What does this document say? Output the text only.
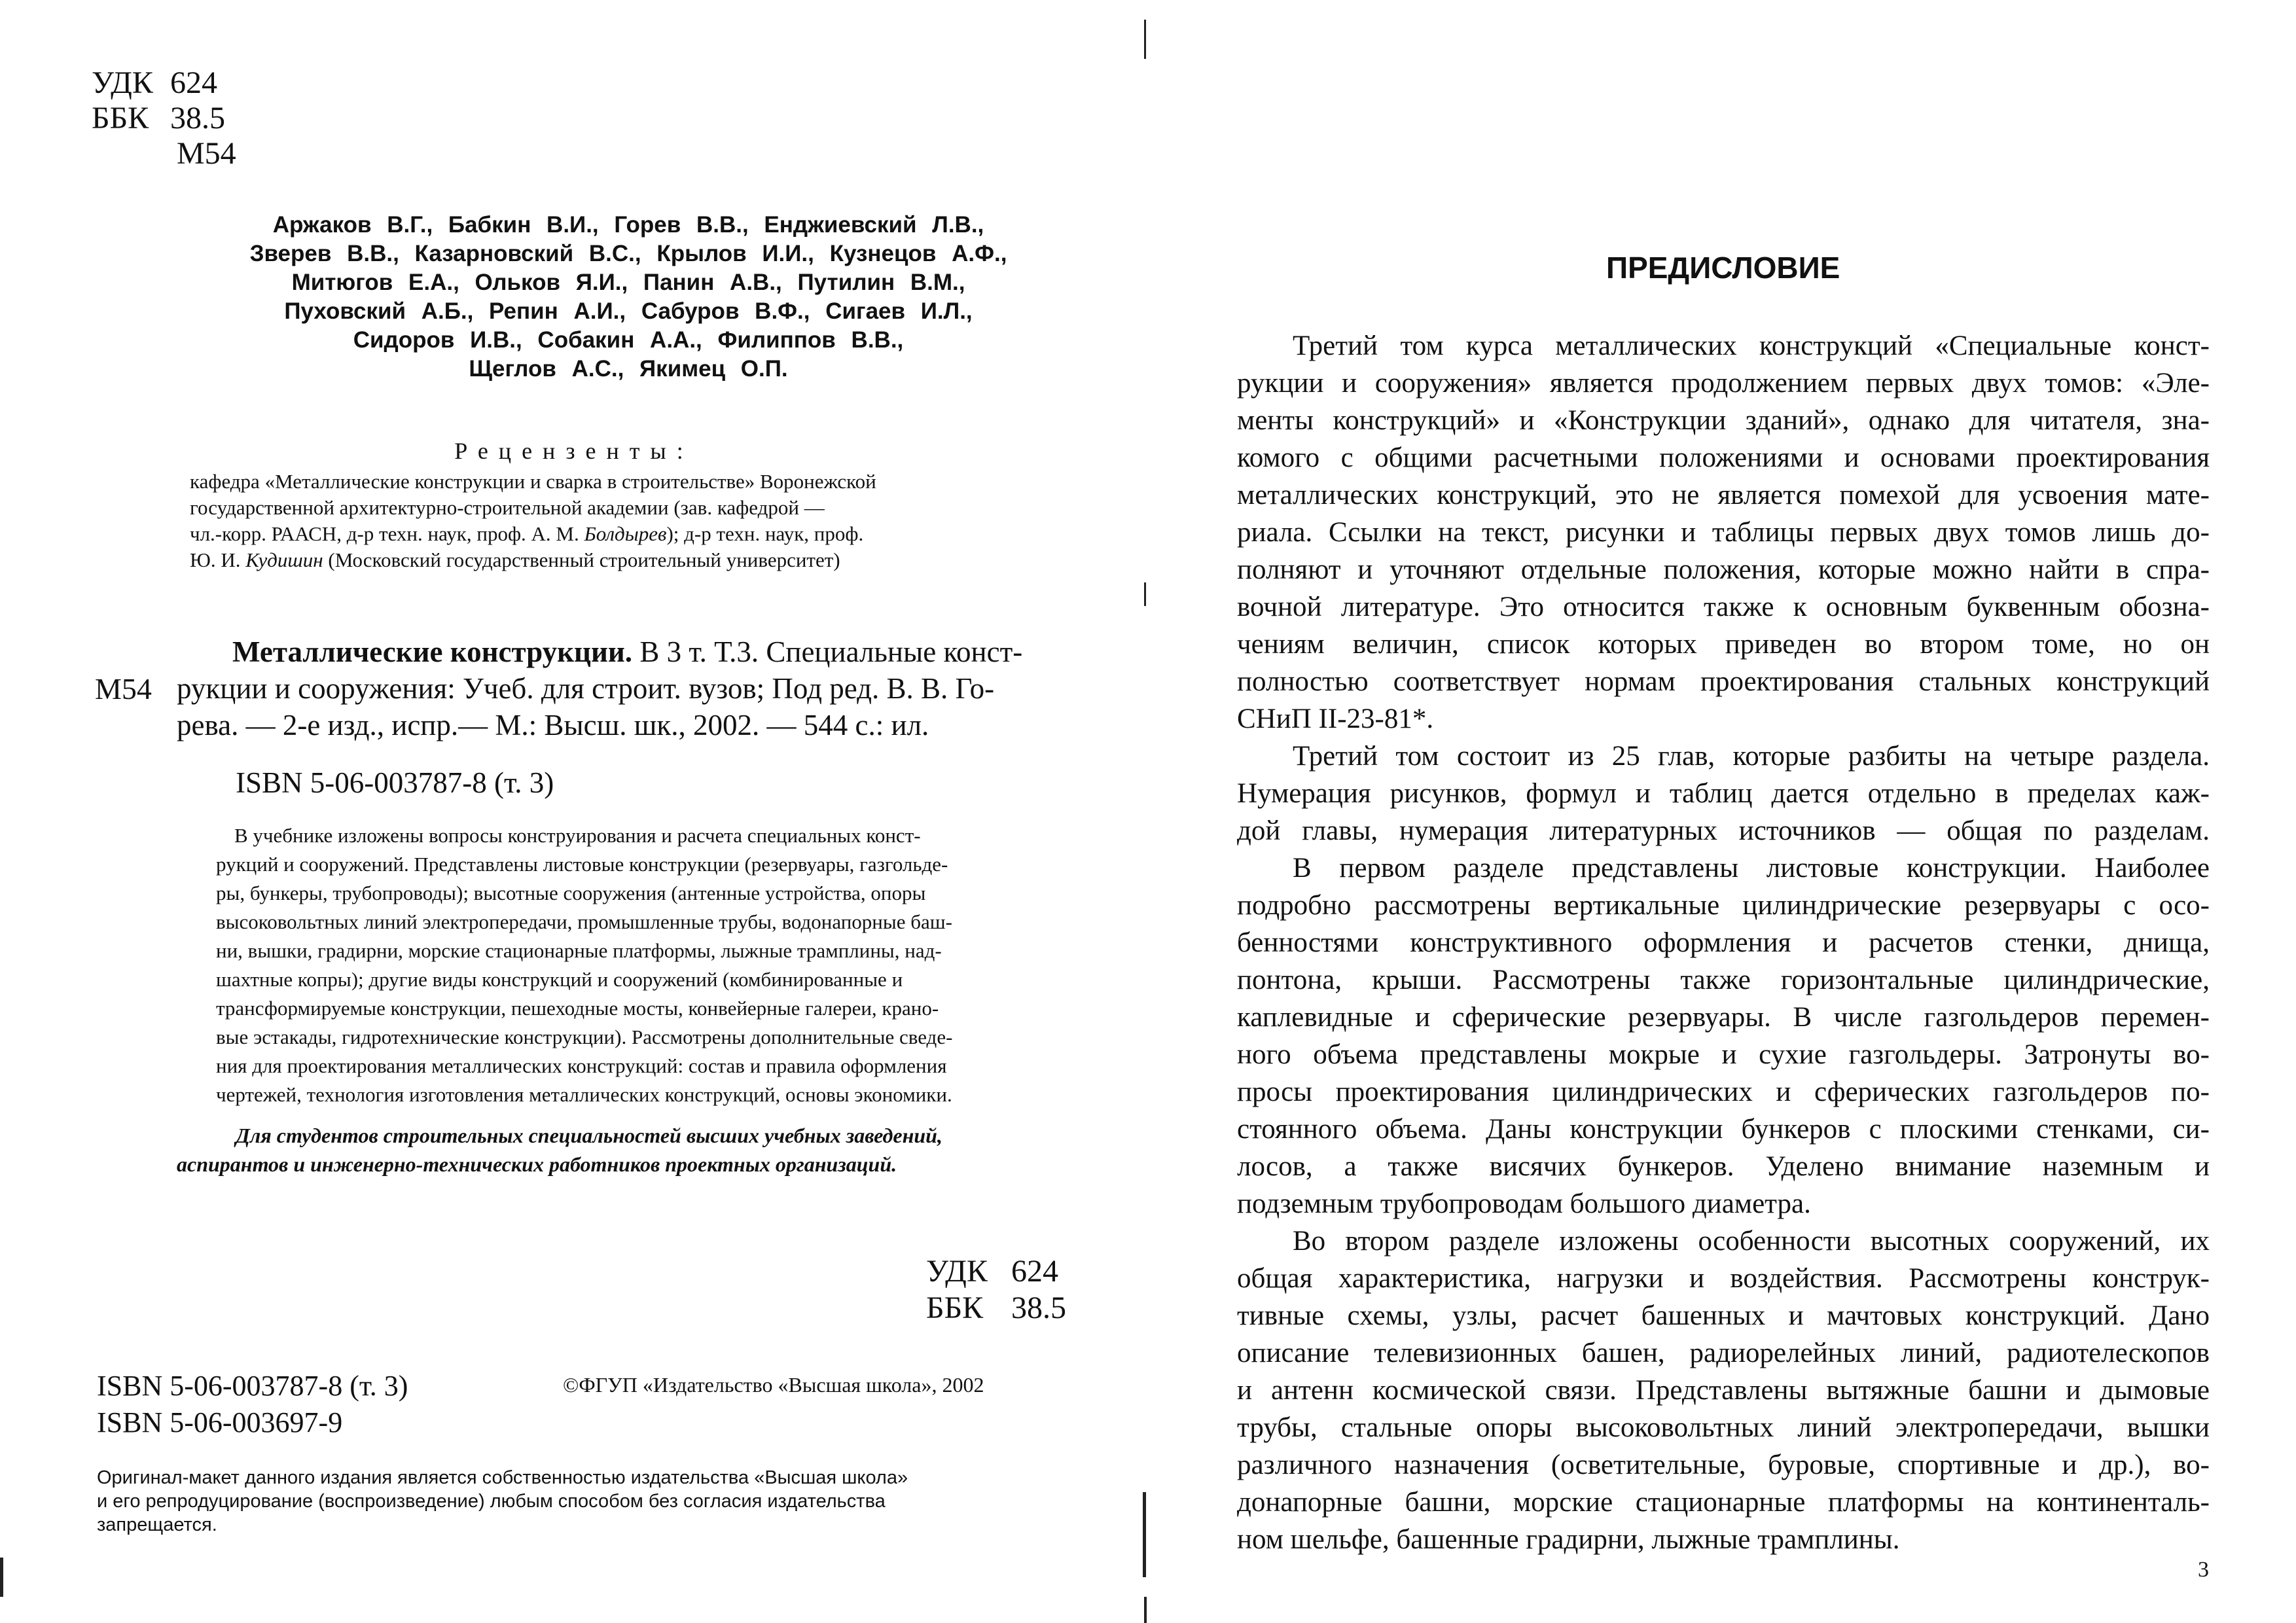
УДК 624
ББК 38.5
М54
Аржаков В.Г., Бабкин В.И., Горев В.В., Енджиевский Л.В.,
Зверев В.В., Казарновский В.С., Крылов И.И., Кузнецов А.Ф.,
Митюгов Е.А., Ольков Я.И., Панин А.В., Путилин В.М.,
Пуховский А.Б., Репин А.И., Сабуров В.Ф., Сигаев И.Л.,
Сидоров И.В., Собакин А.А., Филиппов В.В.,
Щеглов А.С., Якимец О.П.
Рецензенты:
кафедра «Металлические конструкции и сварка в строительстве» Воронежской
государственной архитектурно-строительной академии (зав. кафедрой —
чл.-корр. РААСН, д-р техн. наук, проф. А. М. Болдырев); д-р техн. наук, проф.
Ю. И. Кудишин (Московский государственный строительный университет)
М54
Металлические конструкции. В 3 т. Т.3. Специальные конст-
рукции и сооружения: Учеб. для строит. вузов; Под ред. В. В. Го-
рева. — 2-е изд., испр.— М.: Высш. шк., 2002. — 544 с.: ил.
ISBN 5-06-003787-8 (т. 3)
В учебнике изложены вопросы конструирования и расчета специальных конст-
рукций и сооружений. Представлены листовые конструкции (резервуары, газгольде-
ры, бункеры, трубопроводы); высотные сооружения (антенные устройства, опоры
высоковольтных линий электропередачи, промышленные трубы, водонапорные баш-
ни, вышки, градирни, морские стационарные платформы, лыжные трамплины, над-
шахтные копры); другие виды конструкций и сооружений (комбинированные и
трансформируемые конструкции, пешеходные мосты, конвейерные галереи, крано-
вые эстакады, гидротехнические конструкции). Рассмотрены дополнительные сведе-
ния для проектирования металлических конструкций: состав и правила оформления
чертежей, технология изготовления металлических конструкций, основы экономики.
Для студентов строительных специальностей высших учебных заведений,
аспирантов и инженерно-технических работников проектных организаций.
УДК 624
ББК 38.5
ISBN 5-06-003787-8 (т. 3)
ISBN 5-06-003697-9
©ФГУП «Издательство «Высшая школа», 2002
Оригинал-макет данного издания является собственностью издательства «Высшая школа»
и его репродуцирование (воспроизведение) любым способом без согласия издательства
запрещается.
ПРЕДИСЛОВИЕ
Третий том курса металлических конструкций «Специальные конст-
рукции и сооружения» является продолжением первых двух томов: «Эле-
менты конструкций» и «Конструкции зданий», однако для читателя, зна-
комого с общими расчетными положениями и основами проектирования
металлических конструкций, это не является помехой для усвоения мате-
риала. Ссылки на текст, рисунки и таблицы первых двух томов лишь до-
полняют и уточняют отдельные положения, которые можно найти в спра-
вочной литературе. Это относится также к основным буквенным обозна-
чениям величин, список которых приведен во втором томе, но он
полностью соответствует нормам проектирования стальных конструкций
СНиП II-23-81*.
Третий том состоит из 25 глав, которые разбиты на четыре раздела.
Нумерация рисунков, формул и таблиц дается отдельно в пределах каж-
дой главы, нумерация литературных источников — общая по разделам.
В первом разделе представлены листовые конструкции. Наиболее
подробно рассмотрены вертикальные цилиндрические резервуары с осо-
бенностями конструктивного оформления и расчетов стенки, днища,
понтона, крыши. Рассмотрены также горизонтальные цилиндрические,
каплевидные и сферические резервуары. В числе газгольдеров перемен-
ного объема представлены мокрые и сухие газгольдеры. Затронуты во-
просы проектирования цилиндрических и сферических газгольдеров по-
стоянного объема. Даны конструкции бункеров с плоскими стенками, си-
лосов, а также висячих бункеров. Уделено внимание наземным и
подземным трубопроводам большого диаметра.
Во втором разделе изложены особенности высотных сооружений, их
общая характеристика, нагрузки и воздействия. Рассмотрены конструк-
тивные схемы, узлы, расчет башенных и мачтовых конструкций. Дано
описание телевизионных башен, радиорелейных линий, радиотелескопов
и антенн космической связи. Представлены вытяжные башни и дымовые
трубы, стальные опоры высоковольтных линий электропередачи, вышки
различного назначения (осветительные, буровые, спортивные и др.), во-
донапорные башни, морские стационарные платформы на континенталь-
ном шельфе, башенные градирни, лыжные трамплины.
3
